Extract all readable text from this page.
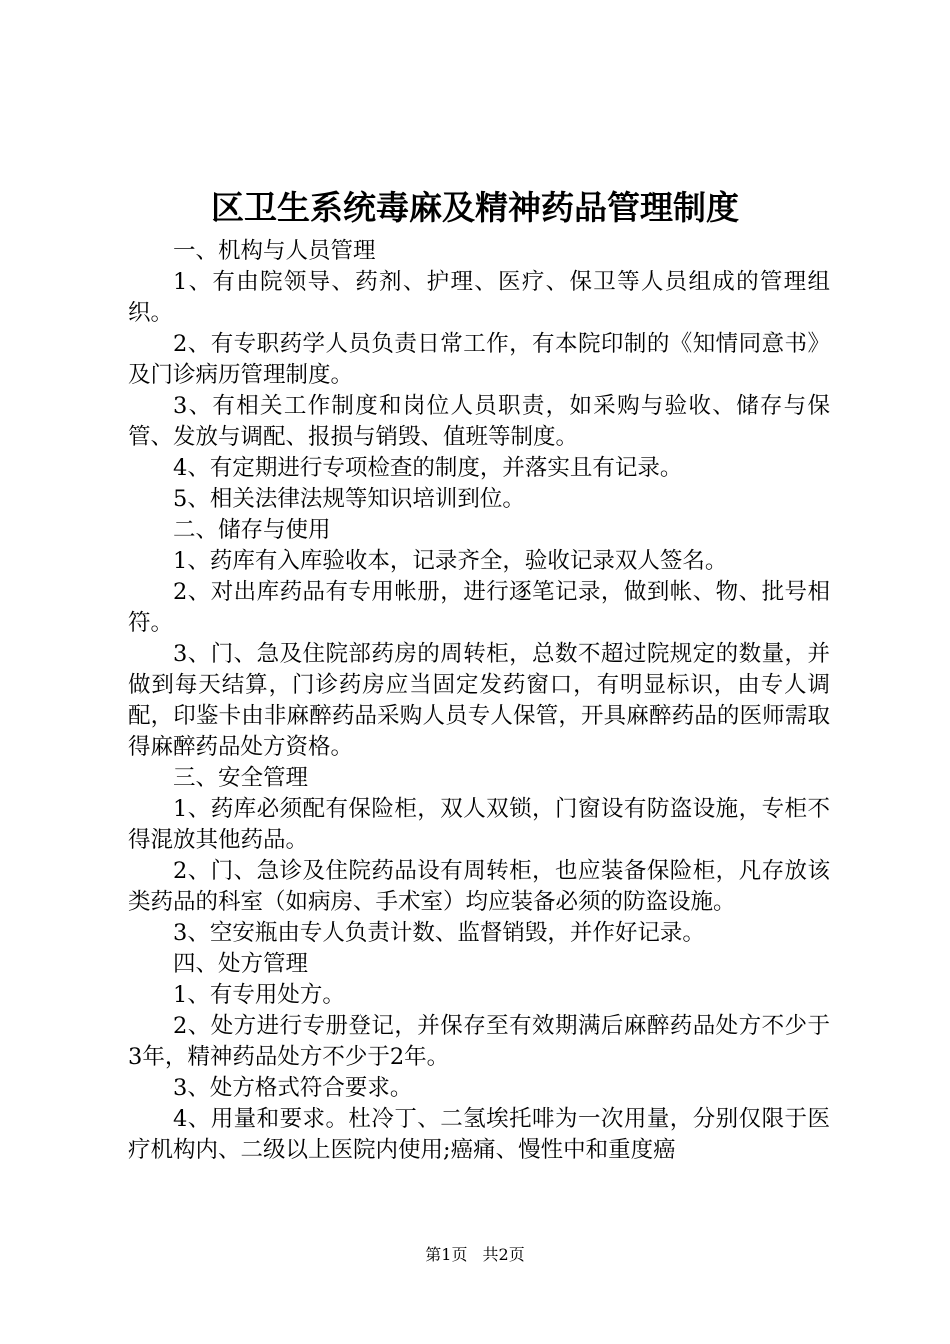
区卫生系统毒麻及精神药品管理制度

一、机构与人员管理

1、有由院领导、药剂、护理、医疗、保卫等人员组成的管理组织。

2、有专职药学人员负责日常工作，有本院印制的《知情同意书》及门诊病历管理制度。

3、有相关工作制度和岗位人员职责，如采购与验收、储存与保管、发放与调配、报损与销毁、值班等制度。

4、有定期进行专项检查的制度，并落实且有记录。

5、相关法律法规等知识培训到位。

二、储存与使用

1、药库有入库验收本，记录齐全，验收记录双人签名。

2、对出库药品有专用帐册，进行逐笔记录，做到帐、物、批号相符。

3、门、急及住院部药房的周转柜，总数不超过院规定的数量，并做到每天结算，门诊药房应当固定发药窗口，有明显标识，由专人调配，印鉴卡由非麻醉药品采购人员专人保管，开具麻醉药品的医师需取得麻醉药品处方资格。

三、安全管理

1、药库必须配有保险柜，双人双锁，门窗设有防盗设施，专柜不得混放其他药品。

2、门、急诊及住院药品设有周转柜，也应装备保险柜，凡存放该类药品的科室（如病房、手术室）均应装备必须的防盗设施。

3、空安瓶由专人负责计数、监督销毁，并作好记录。

四、处方管理

1、有专用处方。

2、处方进行专册登记，并保存至有效期满后麻醉药品处方不少于3年，精神药品处方不少于2年。

3、处方格式符合要求。

4、用量和要求。杜冷丁、二氢埃托啡为一次用量，分别仅限于医疗机构内、二级以上医院内使用;癌痛、慢性中和重度癌

第1页 共2页
